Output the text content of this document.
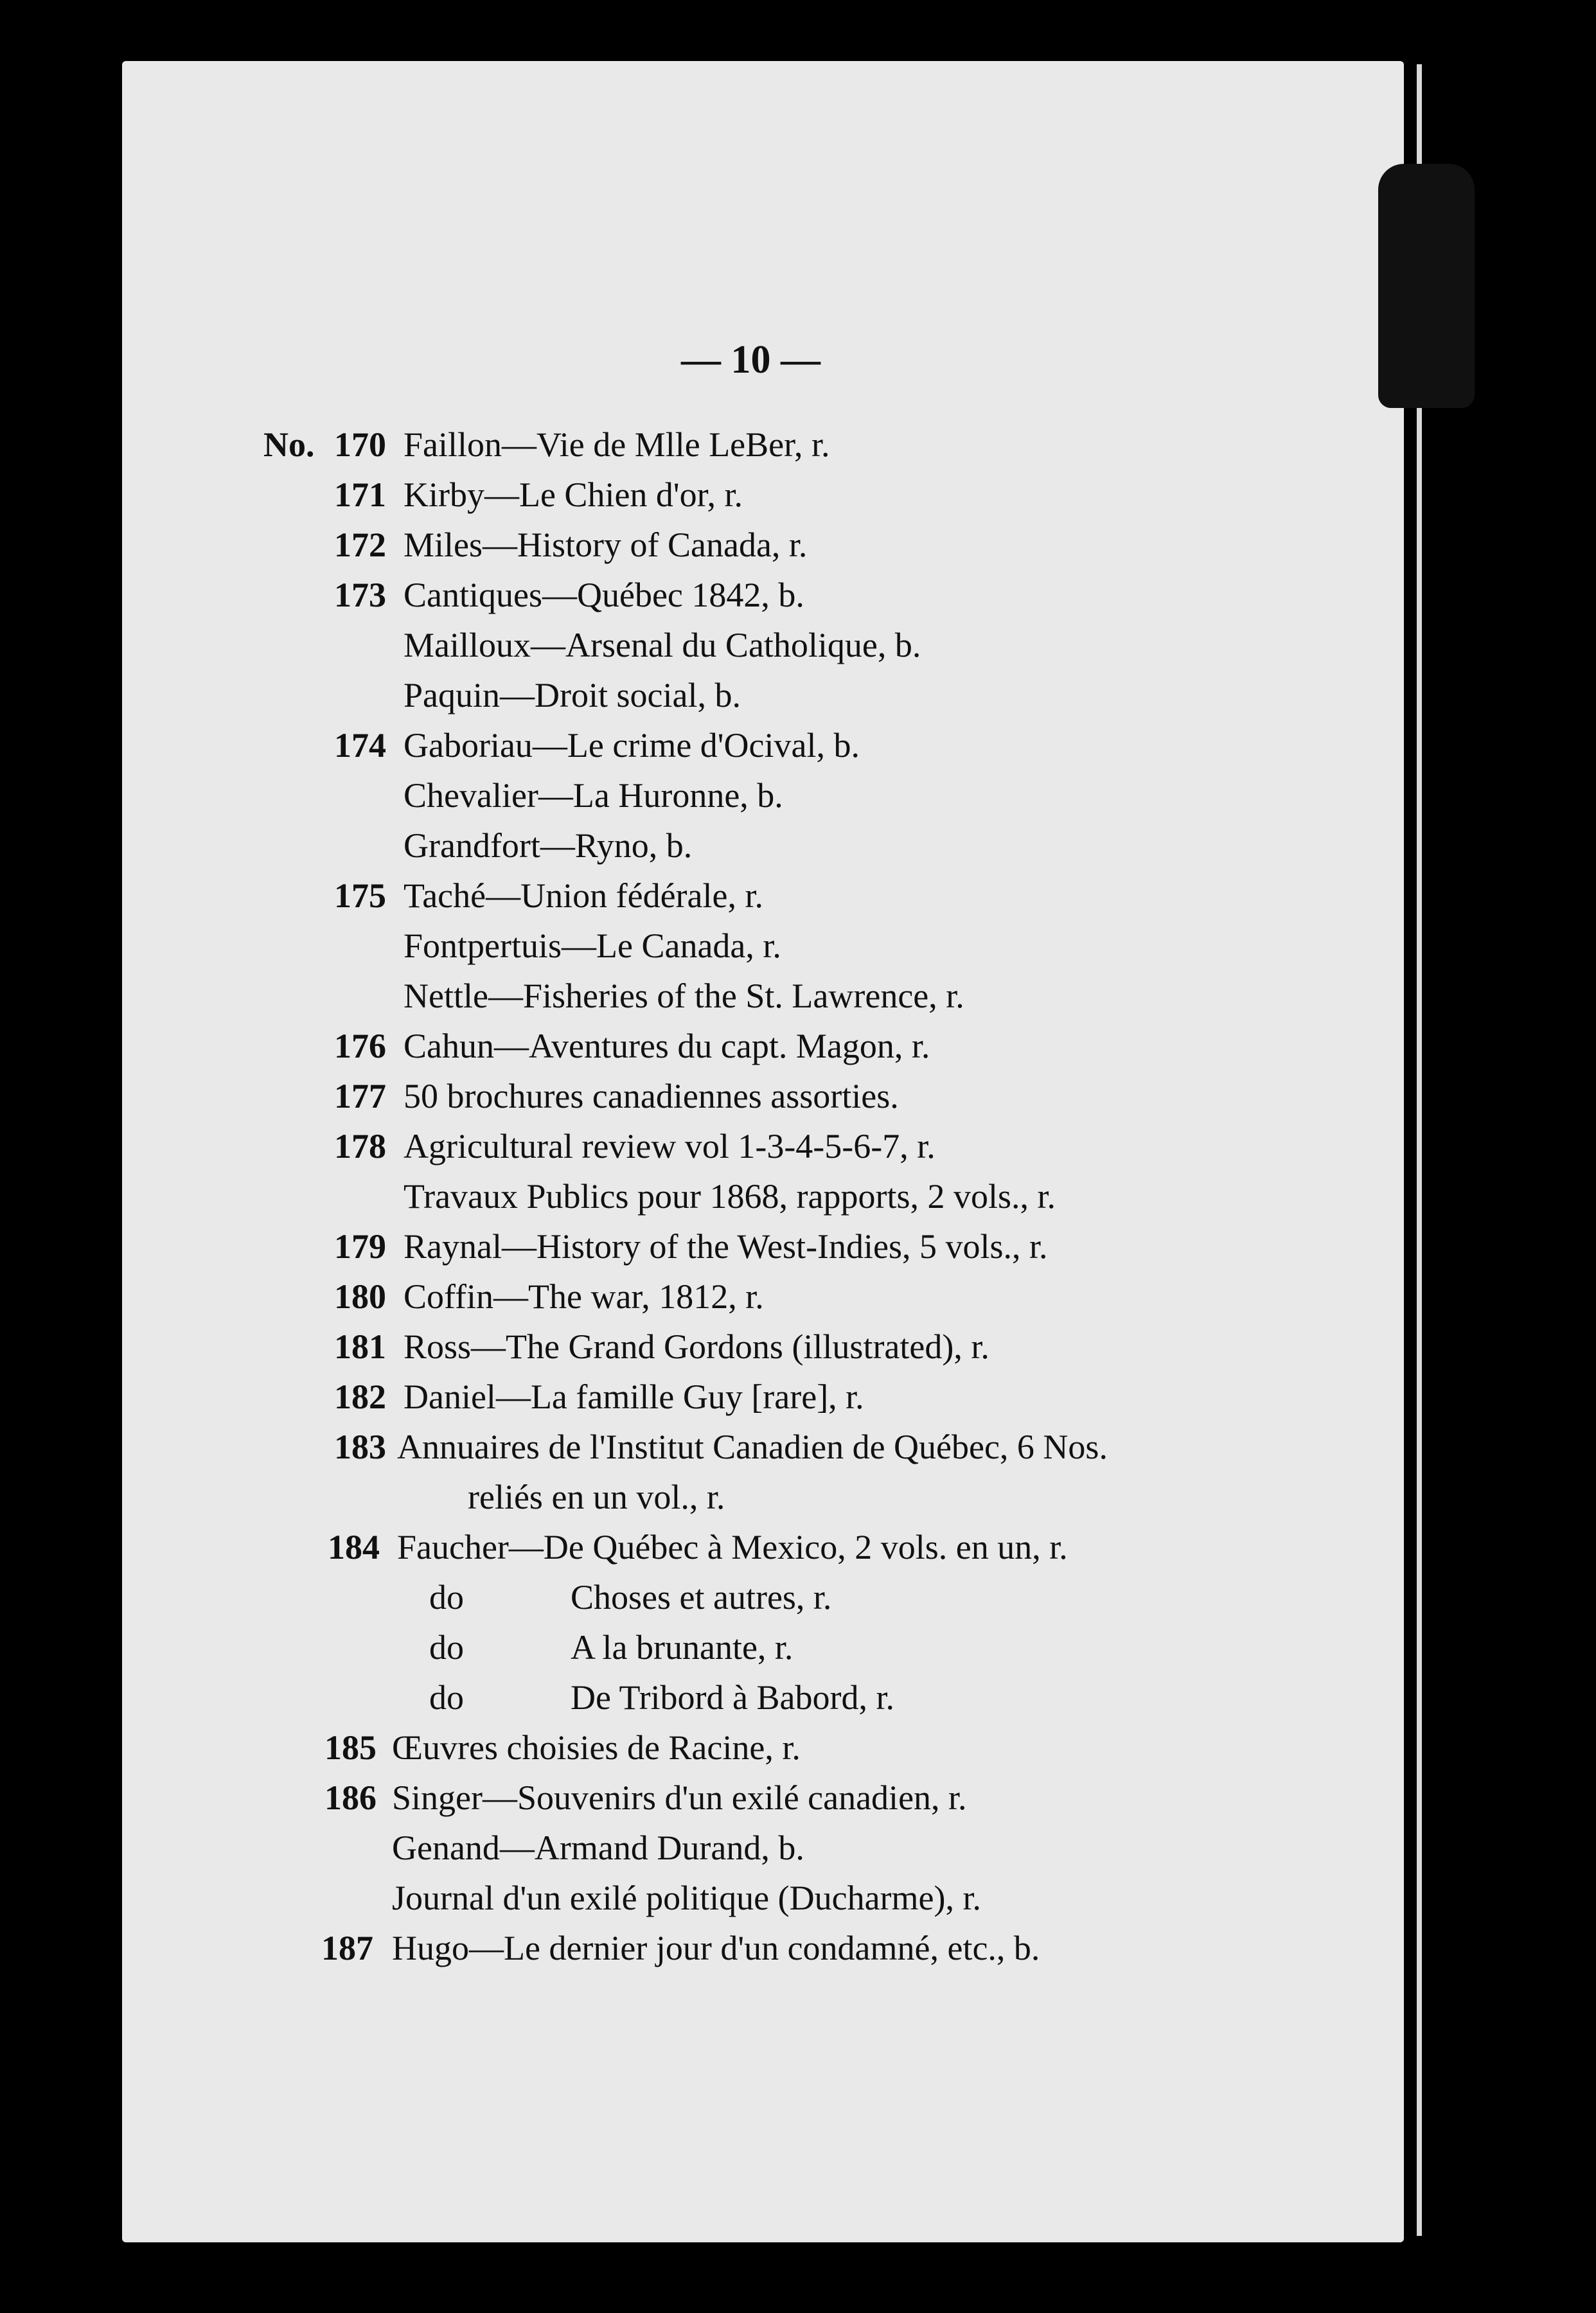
— 10 —
No. 170 Faillon—Vie de Mlle LeBer, r.
171 Kirby—Le Chien d'or, r.
172 Miles—History of Canada, r.
173 Cantiques—Québec 1842, b.
Mailloux—Arsenal du Catholique, b.
Paquin—Droit social, b.
174 Gaboriau—Le crime d'Ocival, b.
Chevalier—La Huronne, b.
Grandfort—Ryno, b.
175 Taché—Union fédérale, r.
Fontpertuis—Le Canada, r.
Nettle—Fisheries of the St. Lawrence, r.
176 Cahun—Aventures du capt. Magon, r.
177 50 brochures canadiennes assorties.
178 Agricultural review vol 1-3-4-5-6-7, r.
Travaux Publics pour 1868, rapports, 2 vols., r.
179 Raynal—History of the West-Indies, 5 vols., r.
180 Coffin—The war, 1812, r.
181 Ross—The Grand Gordons (illustrated), r.
182 Daniel—La famille Guy [rare], r.
183 Annuaires de l'Institut Canadien de Québec, 6 Nos.
reliés en un vol., r.
184 Faucher—De Québec à Mexico, 2 vols. en un, r.
do	Choses et autres, r.
do	A la brunante, r.
do	De Tribord à Babord, r.
185 Œuvres choisies de Racine, r.
186 Singer—Souvenirs d'un exilé canadien, r.
Genand—Armand Durand, b.
Journal d'un exilé politique (Ducharme), r.
187 Hugo—Le dernier jour d'un condamné, etc., b.
